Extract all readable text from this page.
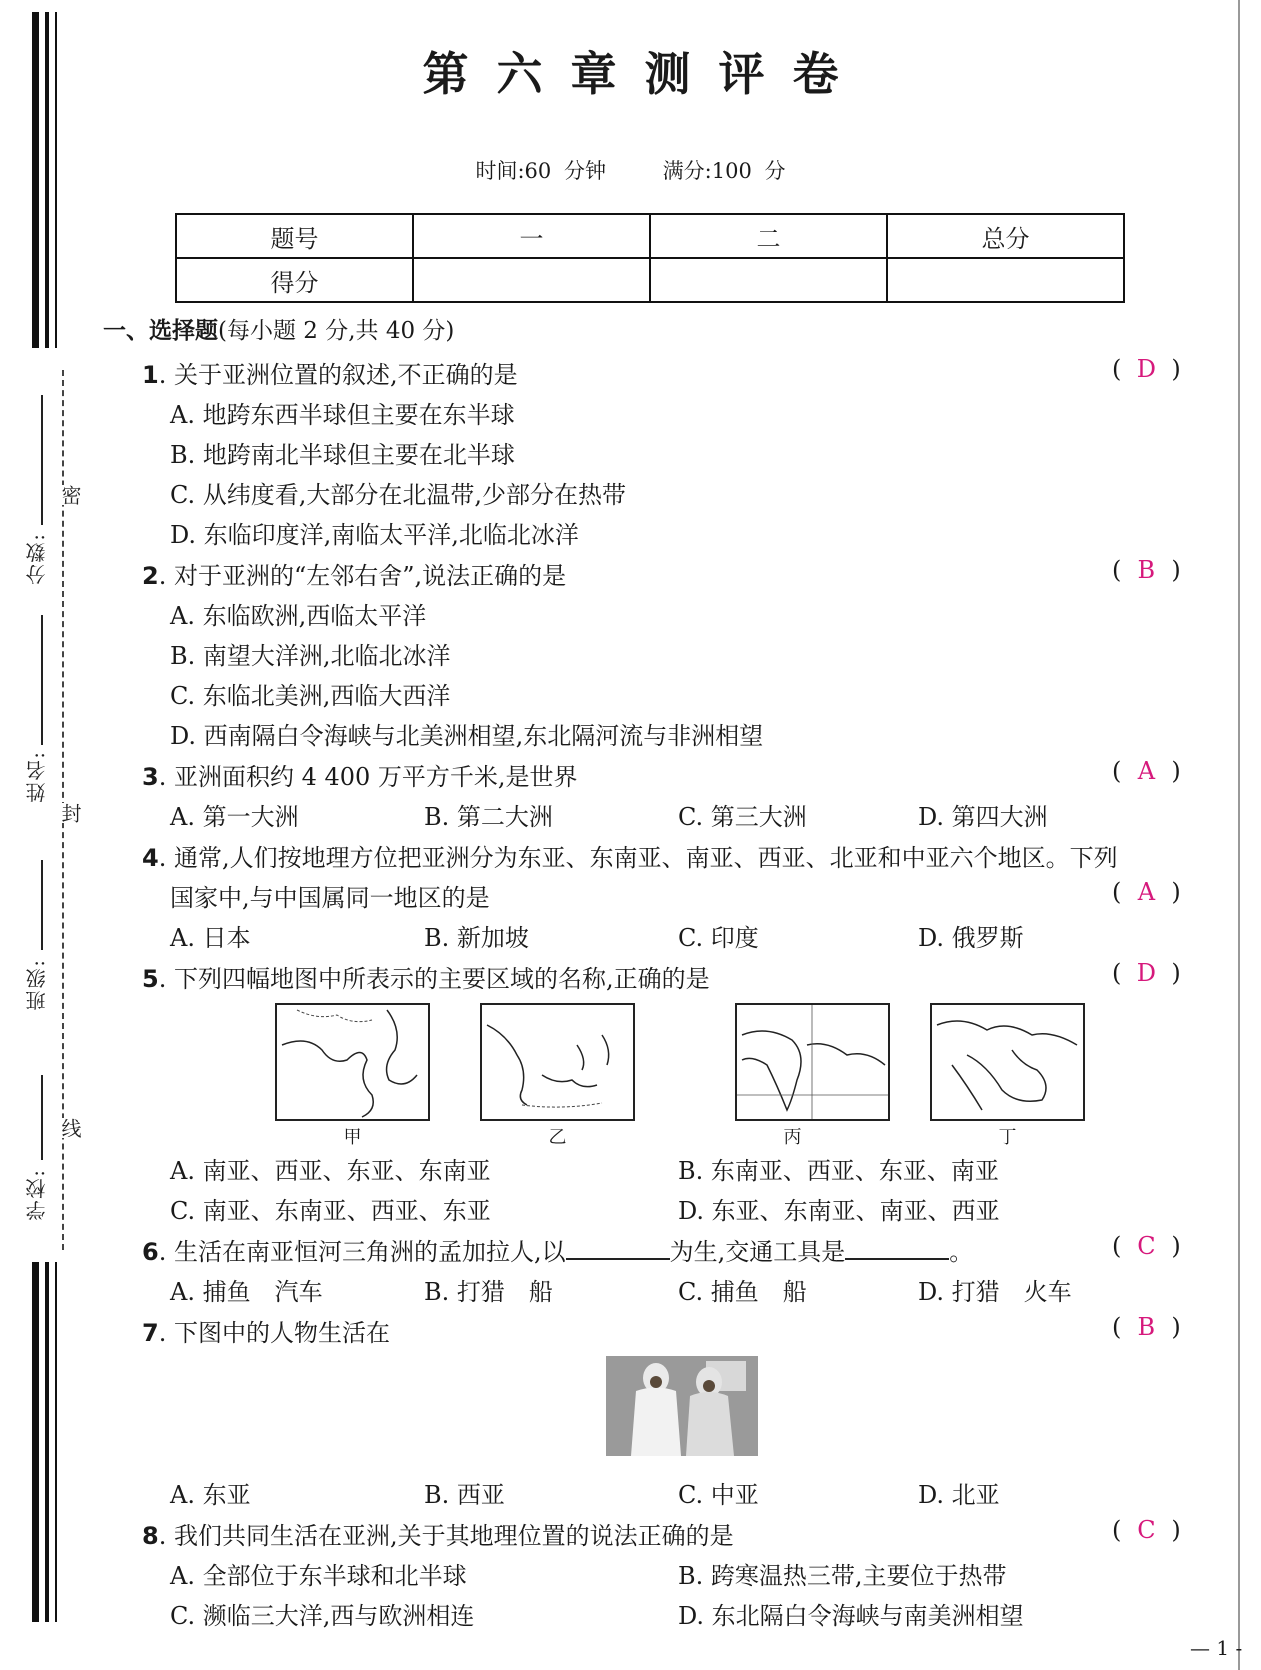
学校:
班级:
姓名:
分数:
密
封
线
第六章测评卷
时间:60 分钟	满分:100 分
题号	一	二	总分
得分			
一、选择题(每小题 2 分,共 40 分)
1. 关于亚洲位置的叙述,不正确的是	( D )
A. 地跨东西半球但主要在东半球
B. 地跨南北半球但主要在北半球
C. 从纬度看,大部分在北温带,少部分在热带
D. 东临印度洋,南临太平洋,北临北冰洋
2. 对于亚洲的“左邻右舍”,说法正确的是	( B )
A. 东临欧洲,西临太平洋
B. 南望大洋洲,北临北冰洋
C. 东临北美洲,西临大西洋
D. 西南隔白令海峡与北美洲相望,东北隔河流与非洲相望
3. 亚洲面积约 4 400 万平方千米,是世界	( A )
A. 第一大洲	B. 第二大洲	C. 第三大洲	D. 第四大洲
4. 通常,人们按地理方位把亚洲分为东亚、东南亚、南亚、西亚、北亚和中亚六个地区。下列
国家中,与中国属同一地区的是	( A )
A. 日本	B. 新加坡	C. 印度	D. 俄罗斯
5. 下列四幅地图中所表示的主要区域的名称,正确的是	( D )
甲	乙	丙	丁
A. 南亚、西亚、东亚、东南亚	B. 东南亚、西亚、东亚、南亚
C. 南亚、东南亚、西亚、东亚	D. 东亚、东南亚、南亚、西亚
6. 生活在南亚恒河三角洲的孟加拉人,以	为生,交通工具是	。	( C )
A. 捕鱼　汽车	B. 打猎　船	C. 捕鱼　船	D. 打猎　火车
7. 下图中的人物生活在	( B )
A. 东亚	B. 西亚	C. 中亚	D. 北亚
8. 我们共同生活在亚洲,关于其地理位置的说法正确的是	( C )
A. 全部位于东半球和北半球	B. 跨寒温热三带,主要位于热带
C. 濒临三大洋,西与欧洲相连	D. 东北隔白令海峡与南美洲相望
— 1 -
